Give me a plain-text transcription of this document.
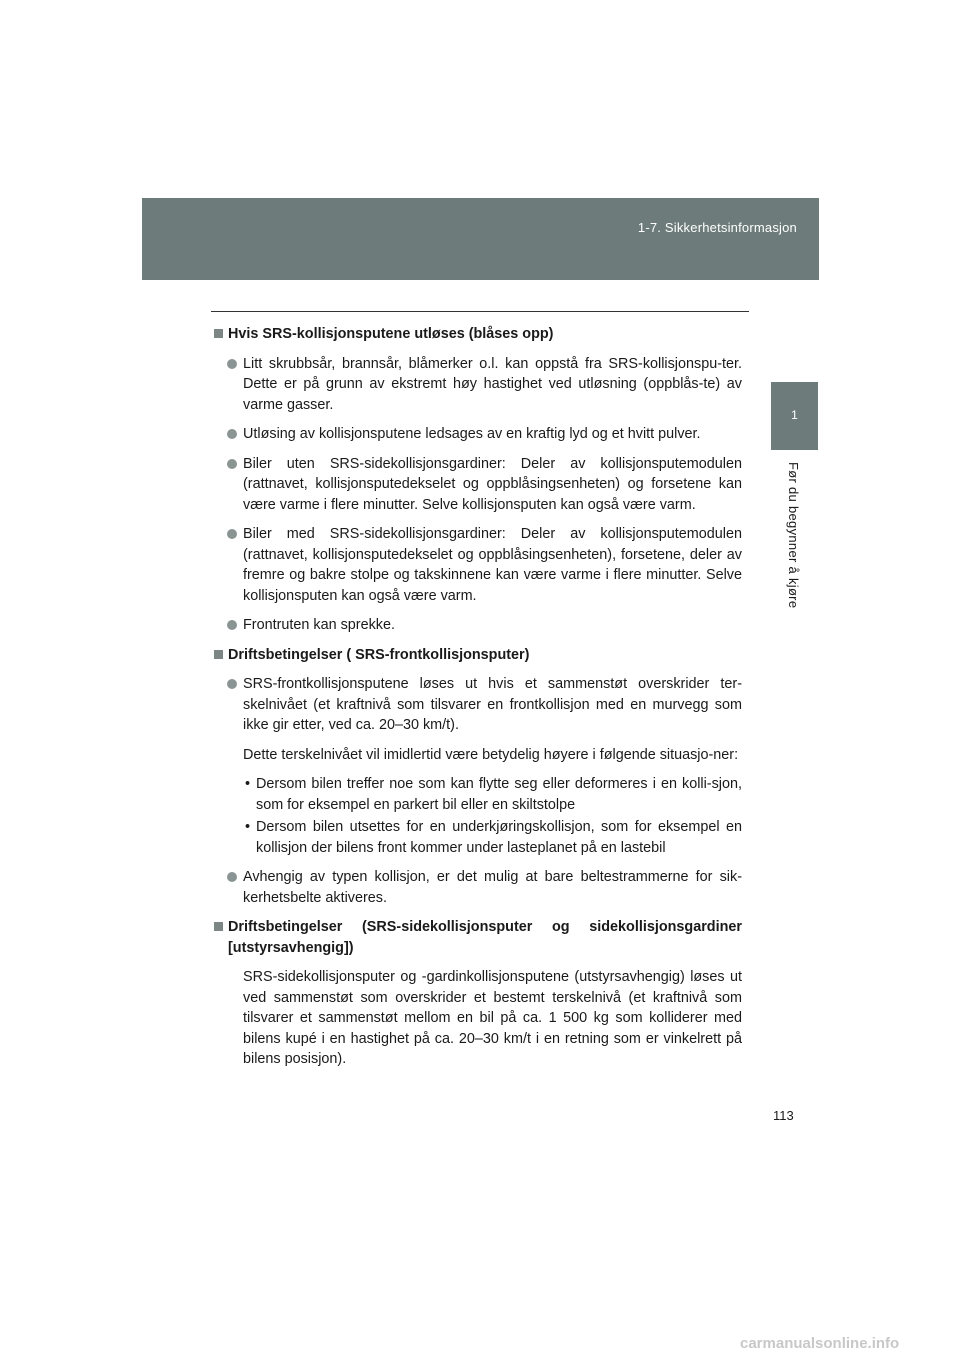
1-7. Sikkerhetsinformasjon
1
Før du begynner å kjøre
Hvis SRS-kollisjonsputene utløses (blåses opp)
Litt skrubbsår, brannsår, blåmerker o.l. kan oppstå fra SRS-kollisjonspu-ter. Dette er på grunn av ekstremt høy hastighet ved utløsning (oppblås-te) av varme gasser.
Utløsing av kollisjonsputene ledsages av en kraftig lyd og et hvitt pulver.
Biler uten SRS-sidekollisjonsgardiner: Deler av kollisjonsputemodulen (rattnavet, kollisjonsputedekselet og oppblåsingsenheten) og forsetene kan være varme i flere minutter. Selve kollisjonsputen kan også være varm.
Biler med SRS-sidekollisjonsgardiner: Deler av kollisjonsputemodulen (rattnavet, kollisjonsputedekselet og oppblåsingsenheten), forsetene, deler av fremre og bakre stolpe og takskinnene kan være varme i flere minutter. Selve kollisjonsputen kan også være varm.
Frontruten kan sprekke.
Driftsbetingelser ( SRS-frontkollisjonsputer)
SRS-frontkollisjonsputene løses ut hvis et sammenstøt overskrider ter-skelnivået (et kraftnivå som tilsvarer en frontkollisjon med en murvegg som ikke gir etter, ved ca. 20–30 km/t).
Dette terskelnivået vil imidlertid være betydelig høyere i følgende situasjo-ner:
• Dersom bilen treffer noe som kan flytte seg eller deformeres i en kolli-sjon, som for eksempel en parkert bil eller en skiltstolpe
• Dersom bilen utsettes for en underkjøringskollisjon, som for eksempel en kollisjon der bilens front kommer under lasteplanet på en lastebil
Avhengig av typen kollisjon, er det mulig at bare beltestrammerne for sik-kerhetsbelte aktiveres.
Driftsbetingelser (SRS-sidekollisjonsputer og sidekollisjonsgardiner [utstyrsavhengig])
SRS-sidekollisjonsputer og -gardinkollisjonsputene (utstyrsavhengig) løses ut ved sammenstøt som overskrider et bestemt terskelnivå (et kraftnivå som tilsvarer et sammenstøt mellom en bil på ca. 1 500 kg som kolliderer med bilens kupé i en hastighet på ca. 20–30 km/t i en retning som er vinkelrett på bilens posisjon).
113
carmanualsonline.info
